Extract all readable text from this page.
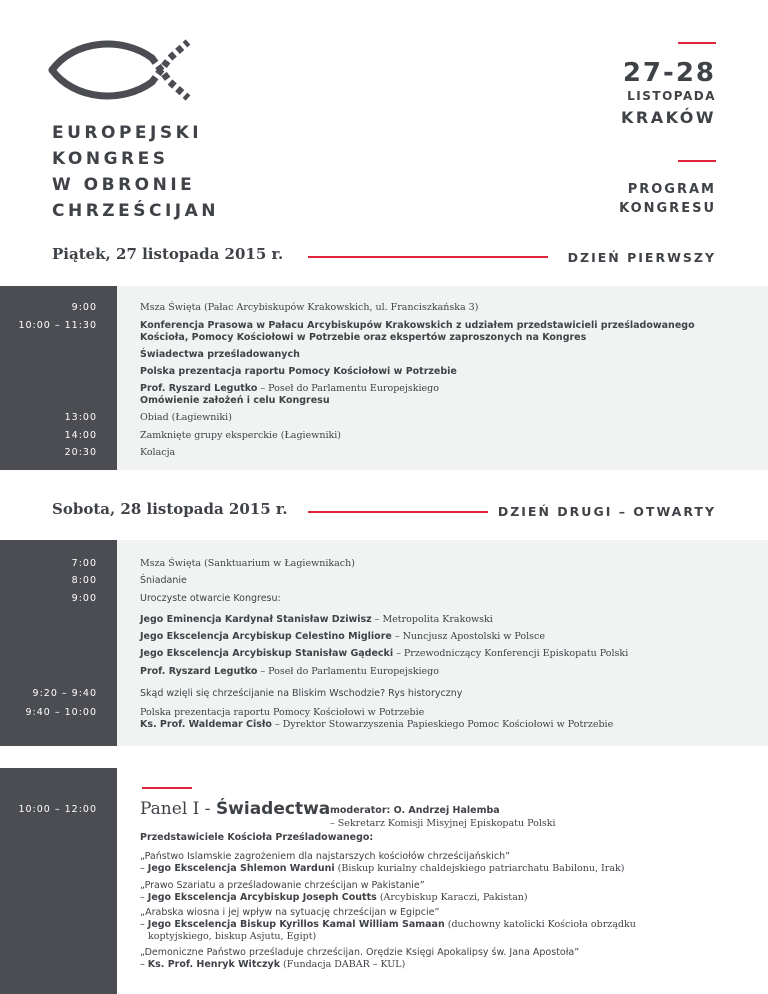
EUROPEJSKI
KONGRES
W OBRONIE
CHRZEŚCIJAN
27-28
LISTOPADA
KRAKÓW
PROGRAM
KONGRESU
Piątek, 27 listopada 2015 r.	DZIEŃ PIERWSZY
9:00	Msza Święta (Pałac Arcybiskupów Krakowskich, ul. Franciszkańska 3)
10:00 – 11:30	Konferencja Prasowa w Pałacu Arcybiskupów Krakowskich z udziałem przedstawicieli prześladowanego
Kościoła, Pomocy Kościołowi w Potrzebie oraz ekspertów zaproszonych na Kongres
Świadectwa prześladowanych
Polska prezentacja raportu Pomocy Kościołowi w Potrzebie
Prof. Ryszard Legutko – Poseł do Parlamentu Europejskiego
Omówienie założeń i celu Kongresu
13:00	Obiad (Łagiewniki)
14:00	Zamknięte grupy eksperckie (Łagiewniki)
20:30	Kolacja
Sobota, 28 listopada 2015 r.	DZIEŃ DRUGI – OTWARTY
7:00	Msza Święta (Sanktuarium w Łagiewnikach)
8:00	Śniadanie
9:00	Uroczyste otwarcie Kongresu:
Jego Eminencja Kardynał Stanisław Dziwisz – Metropolita Krakowski
Jego Ekscelencja Arcybiskup Celestino Migliore – Nuncjusz Apostolski w Polsce
Jego Ekscelencja Arcybiskup Stanisław Gądecki – Przewodniczący Konferencji Episkopatu Polski
Prof. Ryszard Legutko – Poseł do Parlamentu Europejskiego
9:20 – 9:40	Skąd wzięli się chrześcijanie na Bliskim Wschodzie? Rys historyczny
9:40 – 10:00	Polska prezentacja raportu Pomocy Kościołowi w Potrzebie
Ks. Prof. Waldemar Cisło – Dyrektor Stowarzyszenia Papieskiego Pomoc Kościołowi w Potrzebie
10:00 – 12:00	Panel I - Świadectwa moderator: O. Andrzej Halemba
– Sekretarz Komisji Misyjnej Episkopatu Polski
Przedstawiciele Kościoła Prześladowanego:
„Państwo Islamskie zagrożeniem dla najstarszych kościołów chrześcijańskich”
– Jego Ekscelencja Shlemon Warduni (Biskup kurialny chaldejskiego patriarchatu Babilonu, Irak)
„Prawo Szariatu a prześladowanie chrześcijan w Pakistanie”
– Jego Ekscelencja Arcybiskup Joseph Coutts (Arcybiskup Karaczi, Pakistan)
„Arabska wiosna i jej wpływ na sytuację chrześcijan w Egipcie”
– Jego Ekscelencja Biskup Kyrillos Kamal William Samaan (duchowny katolicki Kościoła obrządku
koptyjskiego, biskup Asjutu, Egipt)
„Demoniczne Państwo prześladuje chrześcijan. Orędzie Księgi Apokalipsy św. Jana Apostoła”
– Ks. Prof. Henryk Witczyk (Fundacja DABAR – KUL)
